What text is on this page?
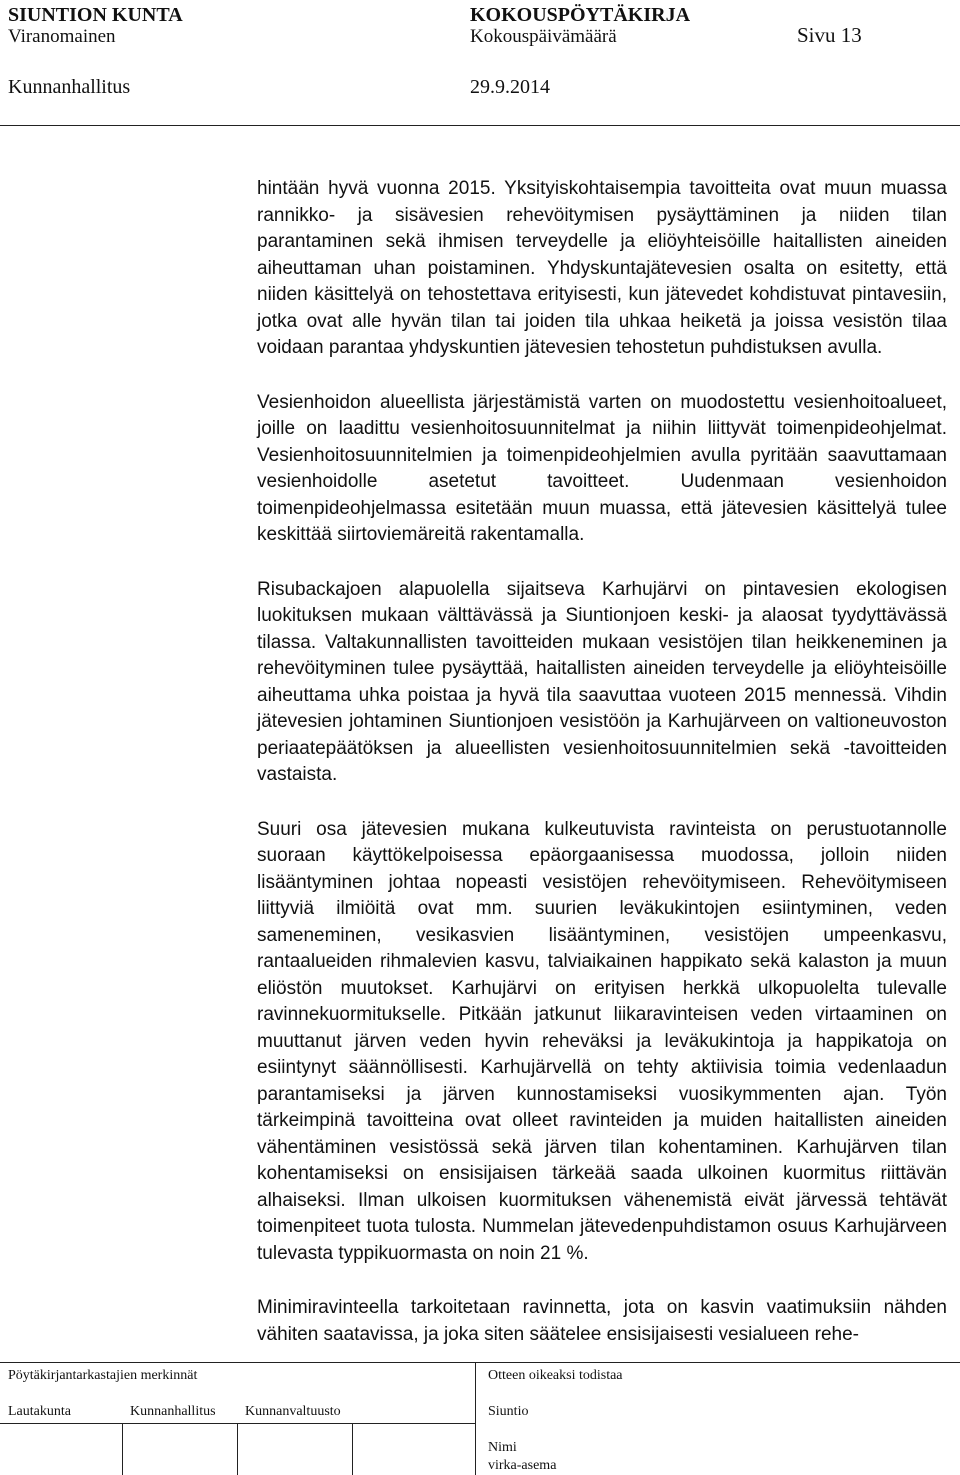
SIUNTION KUNTA	KOKOUSPÖYTÄKIRJA
Viranomainen	Kokouspäivämäärä	Sivu 13
Kunnanhallitus	29.9.2014

hintään hyvä vuonna 2015. Yksityiskohtaisempia tavoitteita ovat muun muassa rannikko- ja sisävesien rehevöitymisen pysäyttäminen ja niiden tilan parantaminen sekä ihmisen terveydelle ja eliöyhteisöille haitallisten aineiden aiheuttaman uhan poistaminen. Yhdyskuntajätevesien osalta on esitetty, että niiden käsittelyä on tehostettava erityisesti, kun jätevedet kohdistuvat pintavesiin, jotka ovat alle hyvän tilan tai joiden tila uhkaa heiketä ja joissa vesistön tilaa voidaan parantaa yhdyskuntien jätevesien tehostetun puhdistuksen avulla.

Vesienhoidon alueellista järjestämistä varten on muodostettu vesienhoitoalueet, joille on laadittu vesienhoitosuunnitelmat ja niihin liittyvät toimenpideohjelmat. Vesienhoitosuunnitelmien ja toimenpideohjelmien avulla pyritään saavuttamaan vesienhoidolle asetetut tavoitteet. Uudenmaan vesienhoidon toimenpideohjelmassa esitetään muun muassa, että jätevesien käsittelyä tulee keskittää siirtoviemäreitä rakentamalla.

Risubackajoen alapuolella sijaitseva Karhujärvi on pintavesien ekologisen luokituksen mukaan välttävässä ja Siuntionjoen keski- ja alaosat tyydyttävässä tilassa. Valtakunnallisten tavoitteiden mukaan vesistöjen tilan heikkeneminen ja rehevöityminen tulee pysäyttää, haitallisten aineiden terveydelle ja eliöyhteisöille aiheuttama uhka poistaa ja hyvä tila saavuttaa vuoteen 2015 mennessä. Vihdin jätevesien johtaminen Siuntionjoen vesistöön ja Karhujärveen on valtioneuvoston periaatepäätöksen ja alueellisten vesienhoitosuunnitelmien sekä -tavoitteiden vastaista.

Suuri osa jätevesien mukana kulkeutuvista ravinteista on perustuotannolle suoraan käyttökelpoisessa epäorgaanisessa muodossa, jolloin niiden lisääntyminen johtaa nopeasti vesistöjen rehevöitymiseen. Rehevöitymiseen liittyviä ilmiöitä ovat mm. suurien leväkukintojen esiintyminen, veden sameneminen, vesikasvien lisääntyminen, vesistöjen umpeenkasvu, rantaalueiden rihmalevien kasvu, talviaikainen happikato sekä kalaston ja muun eliöstön muutokset. Karhujärvi on erityisen herkkä ulkopuolelta tulevalle ravinnekuormitukselle. Pitkään jatkunut liikaravinteisen veden virtaaminen on muuttanut järven veden hyvin reheväksi ja leväkukintoja ja happikatoja on esiintynyt säännöllisesti. Karhujärvellä on tehty aktiivisia toimia vedenlaadun parantamiseksi ja järven kunnostamiseksi vuosikymmenten ajan. Työn tärkeimpinä tavoitteina ovat olleet ravinteiden ja muiden haitallisten aineiden vähentäminen vesistössä sekä järven tilan kohentaminen. Karhujärven tilan kohentamiseksi on ensisijaisen tärkeää saada ulkoinen kuormitus riittävän alhaiseksi. Ilman ulkoisen kuormituksen vähenemistä eivät järvessä tehtävät toimenpiteet tuota tulosta. Nummelan jätevedenpuhdistamon osuus Karhujärveen tulevasta typpikuormasta on noin 21 %.

Minimiravinteella tarkoitetaan ravinnetta, jota on kasvin vaatimuksiin nähden vähiten saatavissa, ja joka siten säätelee ensisijaisesti vesialueen rehe-

Pöytäkirjantarkastajien merkinnät
Lautakunta	Kunnanhallitus Kunnanvaltuusto
Otteen oikeaksi todistaa
Siuntio
Nimi
virka-asema
